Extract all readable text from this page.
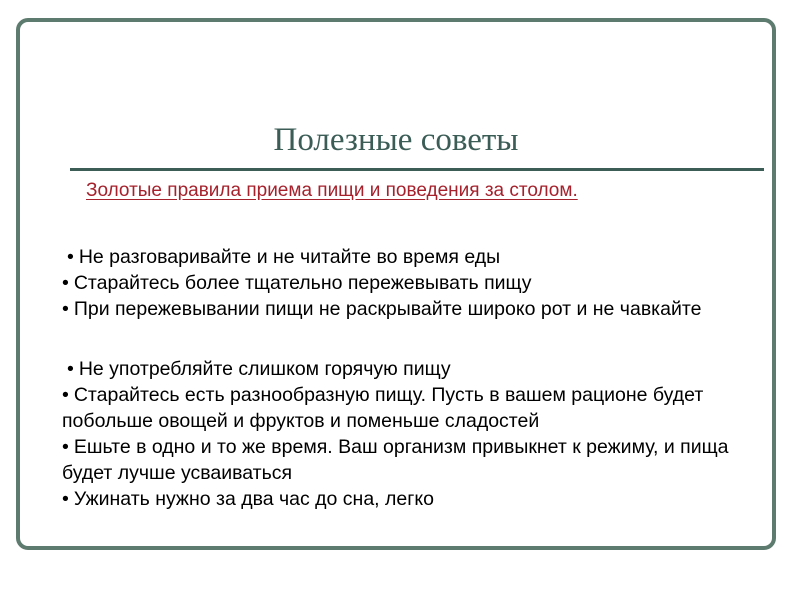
Полезные советы
Золотые правила приема пищи и поведения за столом.
• Не разговаривайте и не читайте во время еды
• Старайтесь более тщательно пережевывать пищу
• При пережевывании пищи не раскрывайте широко рот и не чавкайте
• Не употребляйте слишком горячую пищу
• Старайтесь есть разнообразную пищу. Пусть в вашем рационе будет побольше овощей и фруктов и поменьше сладостей
• Ешьте в одно и то же время. Ваш организм привыкнет к режиму, и пища будет лучше усваиваться
• Ужинать нужно за два час до сна, легко
